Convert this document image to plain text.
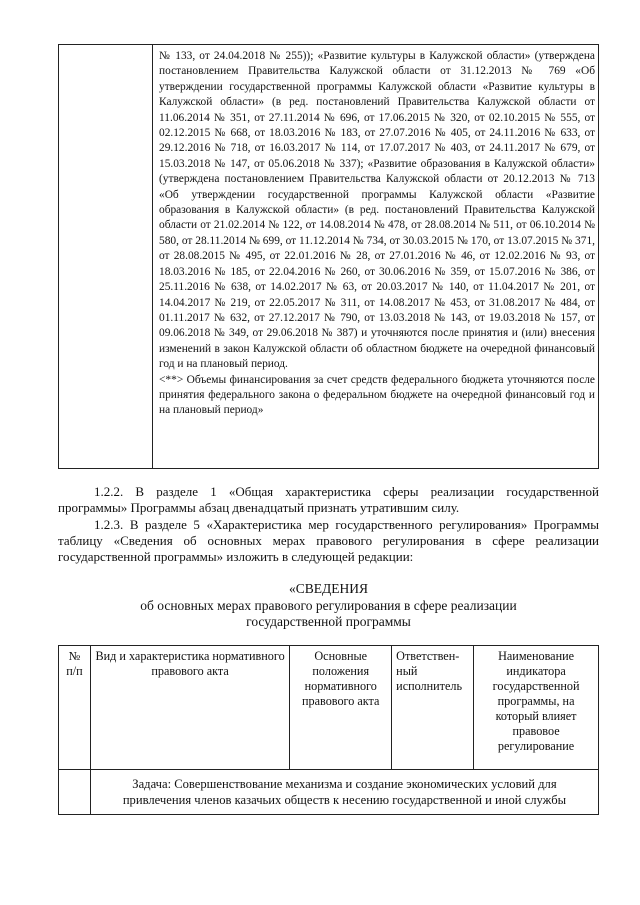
№ 133, от 24.04.2018 № 255)); «Развитие культуры в Калужской области» (утверждена постановлением Правительства Калужской области от 31.12.2013 № 769 «Об утверждении государственной программы Калужской области «Развитие культуры в Калужской области» (в ред. постановлений Правительства Калужской области от 11.06.2014 № 351, от 27.11.2014 № 696, от 17.06.2015 № 320, от 02.10.2015 № 555, от 02.12.2015 № 668, от 18.03.2016 № 183, от 27.07.2016 № 405, от 24.11.2016 № 633, от 29.12.2016 № 718, от 16.03.2017 № 114, от 17.07.2017 № 403, от 24.11.2017 № 679, от 15.03.2018 № 147, от 05.06.2018 № 337); «Развитие образования в Калужской области» (утверждена постановлением Правительства Калужской области от 20.12.2013 № 713 «Об утверждении государственной программы Калужской области «Развитие образования в Калужской области» (в ред. постановлений Правительства Калужской области от 21.02.2014 № 122, от 14.08.2014 № 478, от 28.08.2014 № 511, от 06.10.2014 № 580, от 28.11.2014 № 699, от 11.12.2014 № 734, от 30.03.2015 № 170, от 13.07.2015 № 371, от 28.08.2015 № 495, от 22.01.2016 № 28, от 27.01.2016 № 46, от 12.02.2016 № 93, от 18.03.2016 № 185, от 22.04.2016 № 260, от 30.06.2016 № 359, от 15.07.2016 № 386, от 25.11.2016 № 638, от 14.02.2017 № 63, от 20.03.2017 № 140, от 11.04.2017 № 201, от 14.04.2017 № 219, от 22.05.2017 № 311, от 14.08.2017 № 453, от 31.08.2017 № 484, от 01.11.2017 № 632, от 27.12.2017 № 790, от 13.03.2018 № 143, от 19.03.2018 № 157, от 09.06.2018 № 349, от 29.06.2018 № 387) и уточняются после принятия и (или) внесения изменений в закон Калужской области об областном бюджете на очередной финансовый год и на плановый период.

<**> Объемы финансирования за счет средств федерального бюджета уточняются после принятия федерального закона о федеральном бюджете на очередной финансовый год и на плановый период»

1.2.2. В разделе 1 «Общая характеристика сферы реализации государственной программы» Программы абзац двенадцатый признать утратившим силу.

1.2.3. В разделе 5 «Характеристика мер государственного регулирования» Программы таблицу «Сведения об основных мерах правового регулирования в сфере реализации государственной программы» изложить в следующей редакции:

«СВЕДЕНИЯ

об основных мерах правового регулирования в сфере реализации

государственной программы

№ п/п	Вид и характеристика нормативного правового акта	Основные положения нормативного правового акта	Ответствен-ный исполнитель	Наименование индикатора государственной программы, на который влияет правовое регулирование
	Задача: Совершенствование механизма и создание экономических условий для привлечения членов казачьих обществ к несению государственной и иной службы			
